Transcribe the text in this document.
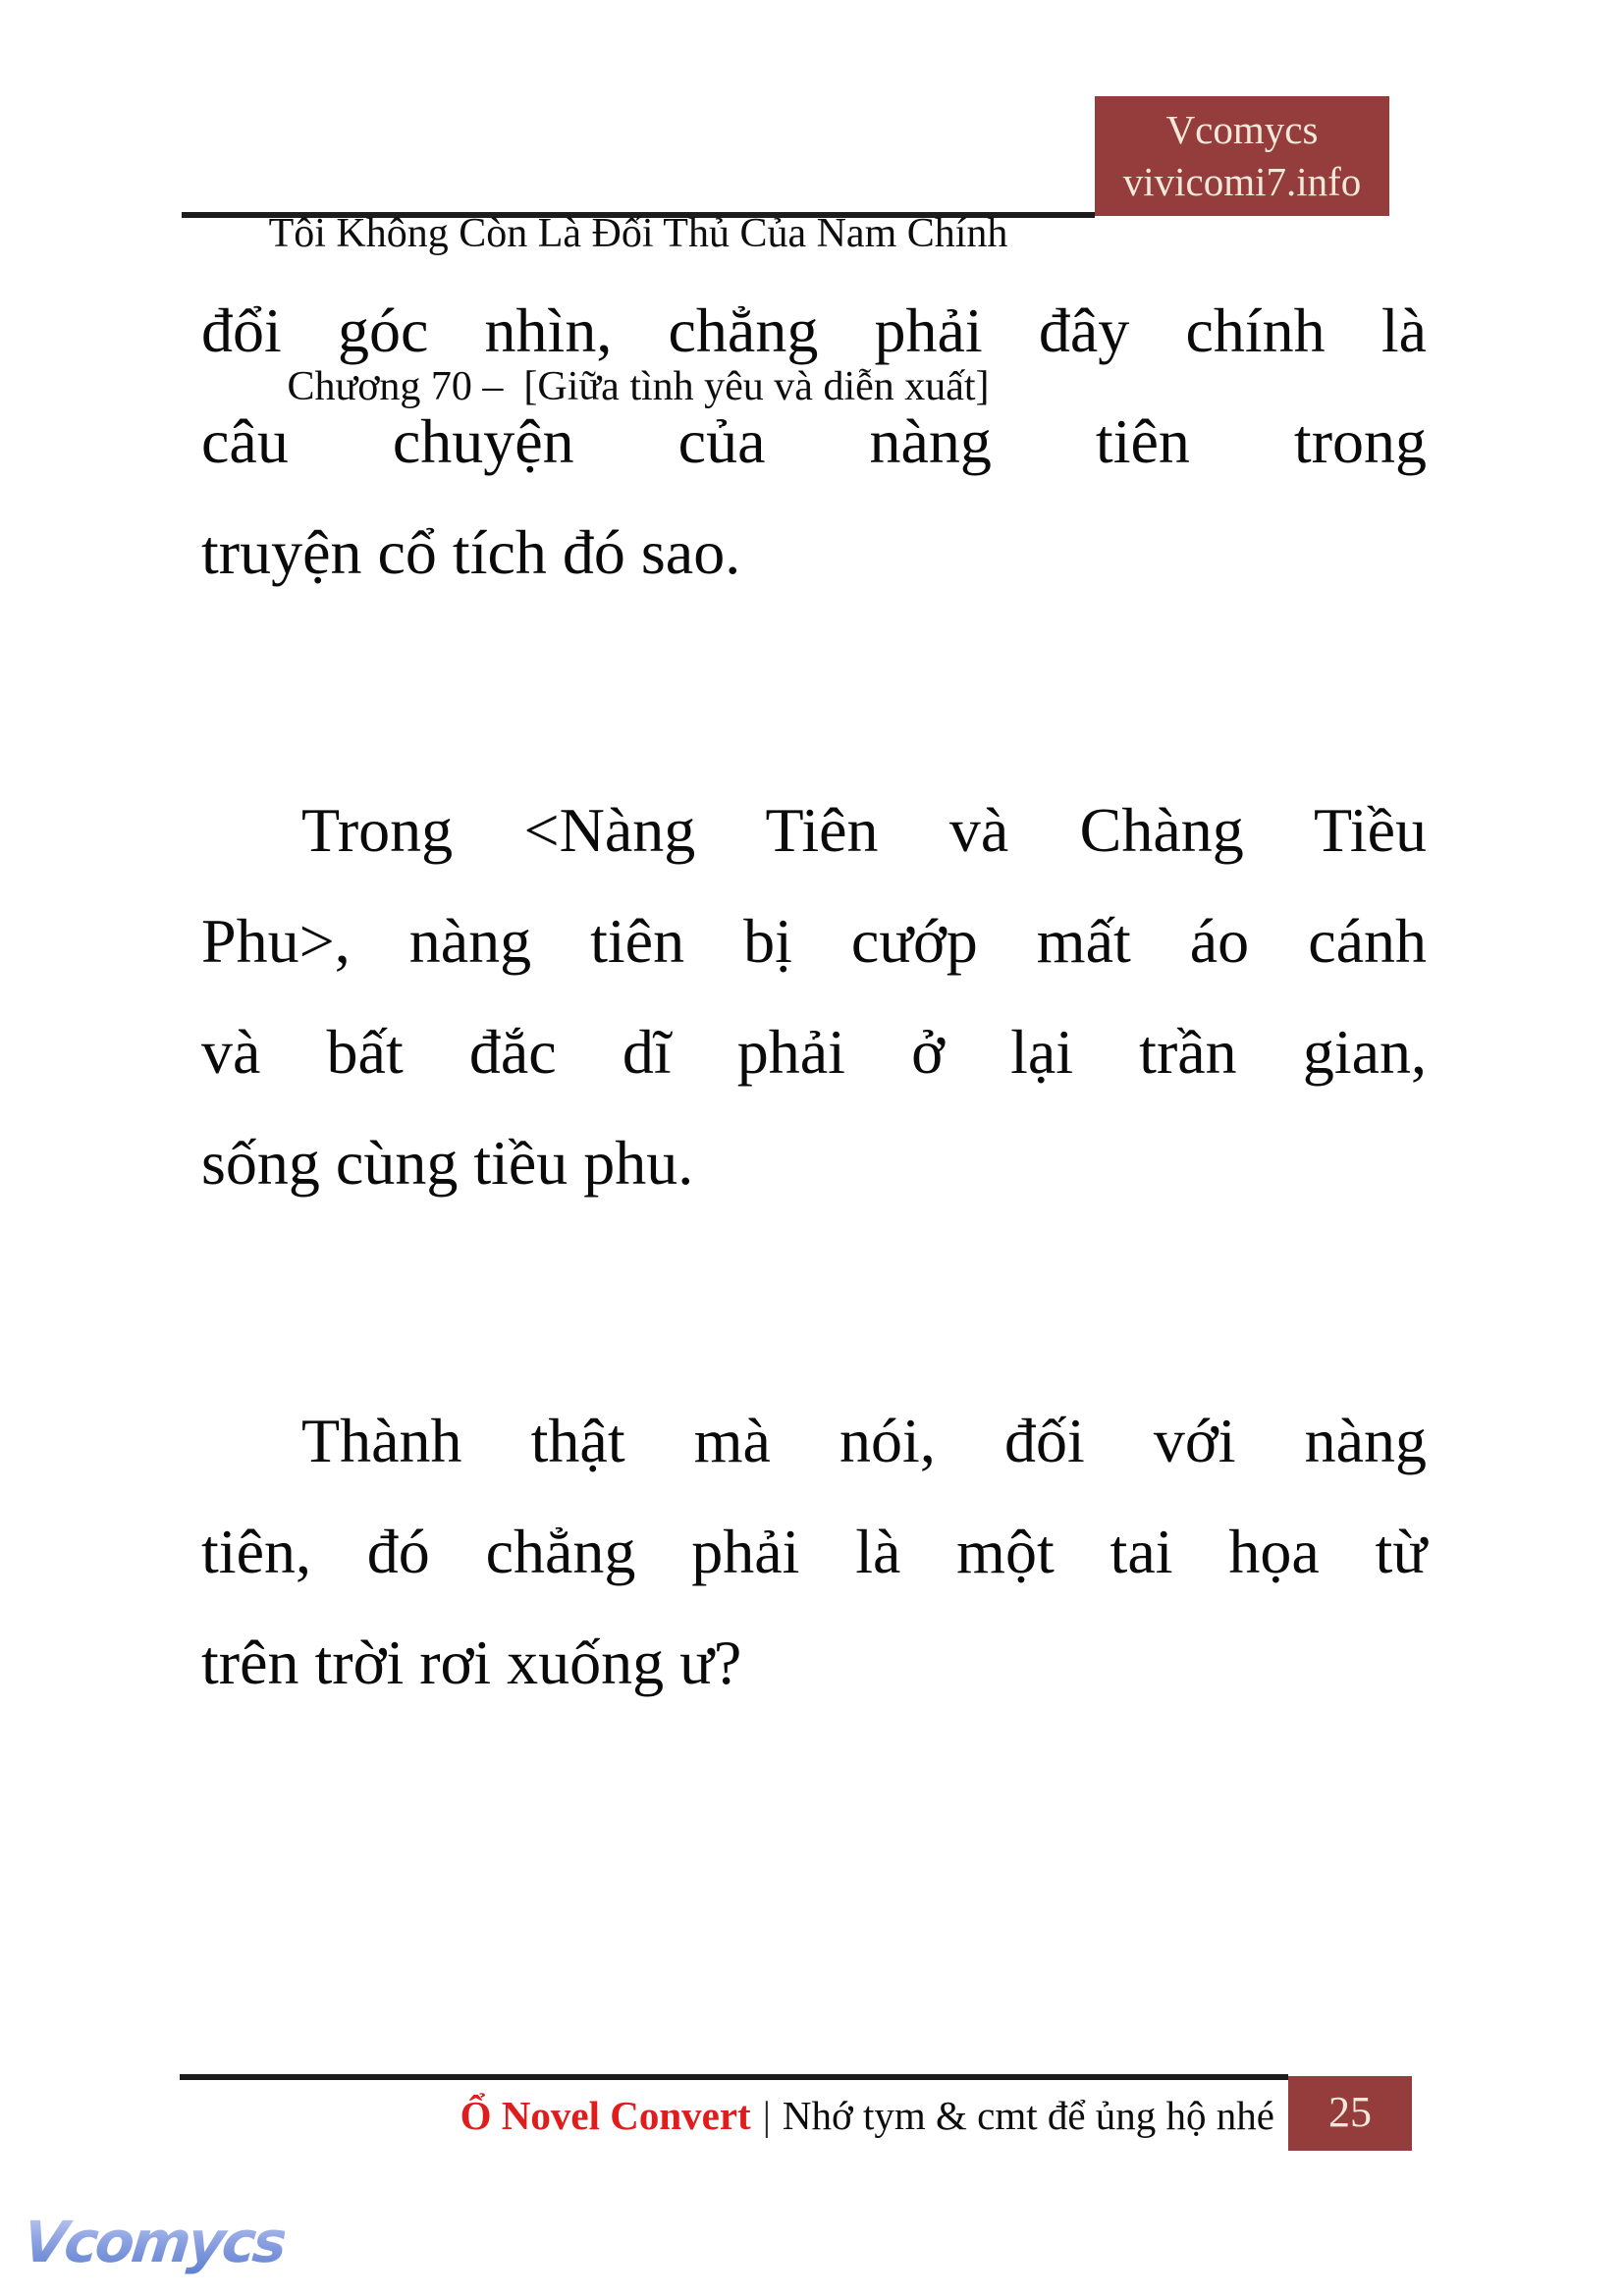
Tôi Không Còn Là Đối Thủ Của Nam Chính

Chương 70 –  [Giữa tình yêu và diễn xuất]

Vcomycs
vivicomi7.info
đổi góc nhìn, chẳng phải đây chính là
câu chuyện của nàng tiên trong
truyện cổ tích đó sao.
Trong <Nàng Tiên và Chàng Tiều
Phu>, nàng tiên bị cướp mất áo cánh
và bất đắc dĩ phải ở lại trần gian,
sống cùng tiều phu.
Thành thật mà nói, đối với nàng
tiên, đó chẳng phải là một tai họa từ
trên trời rơi xuống ư?
Ổ Novel Convert | Nhớ tym & cmt để ủng hộ nhé	25
Vcomycs
